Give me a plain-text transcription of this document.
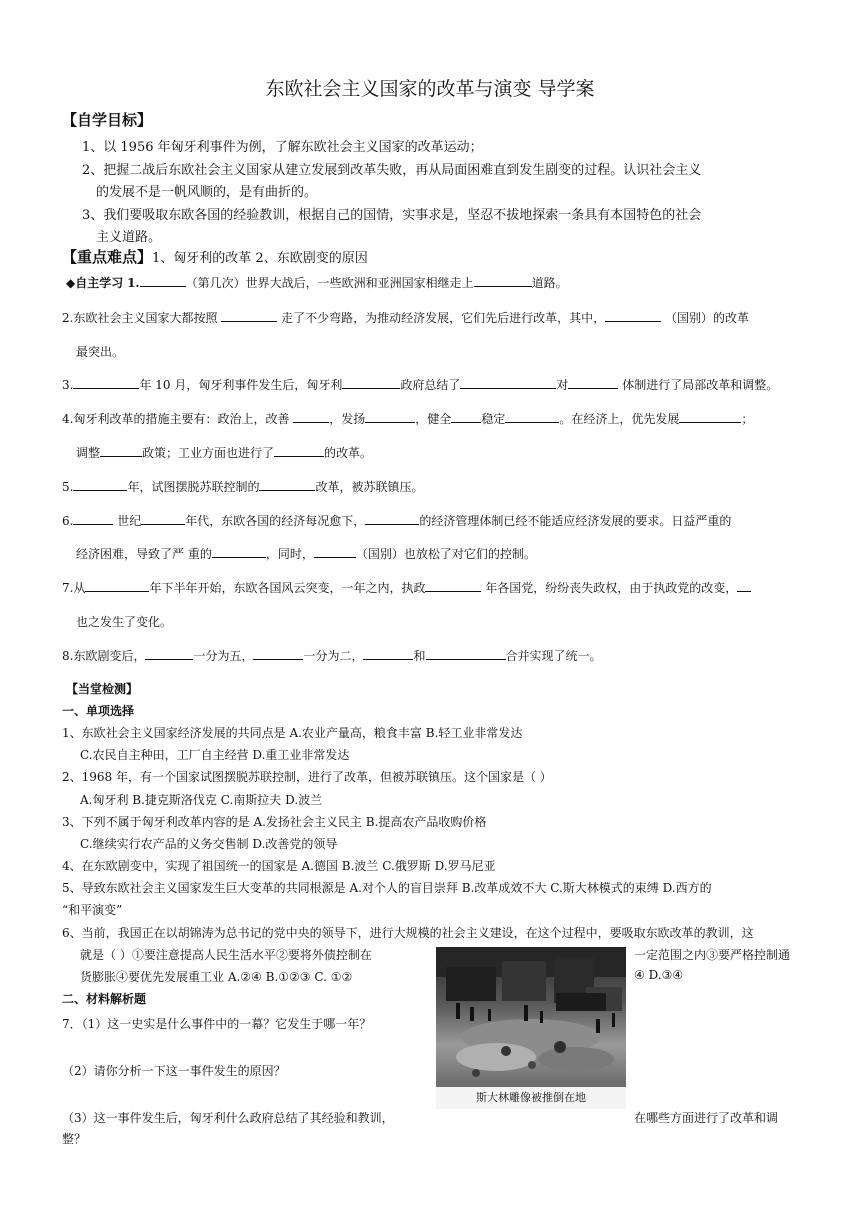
东欧社会主义国家的改革与演变 导学案
【自学目标】
1、以 1956 年匈牙利事件为例，了解东欧社会主义国家的改革运动；
2、把握二战后东欧社会主义国家从建立发展到改革失败，再从局面困难直到发生剧变的过程。认识社会主义
的发展不是一帆风顺的，是有曲折的。
3、我们要吸取东欧各国的经验教训，根据自己的国情，实事求是，坚忍不拔地探索一条具有本国特色的社会
主义道路。
【重点难点】1、匈牙利的改革 2、东欧剧变的原因
◆自主学习 1.	（第几次）世界大战后，一些欧洲和亚洲国家相继走上	道路。
2.东欧社会主义国家大都按照	走了不少弯路，为推动经济发展，它们先后进行改革，其中，	（国别）的改革
最突出。
3.	年 10 月，匈牙利事件发生后，匈牙利	政府总结了	对	体制进行了局部改革和调整。
4.匈牙利改革的措施主要有：政治上，改善	，发扬	，健全	稳定	。在经济上，优先发展	；
调整	政策；工业方面也进行了	的改革。
5.	年，试图摆脱苏联控制的	改革，被苏联镇压。
6.	世纪	年代，东欧各国的经济每况愈下，	的经济管理体制已经不能适应经济发展的要求。日益严重的
经济困难，导致了严 重的	，同时，	（国别）也放松了对它们的控制。
7.从	年下半年开始，东欧各国风云突变，一年之内，执政	年各国党，纷纷丧失政权，由于执政党的改变，
也之发生了变化。
8.东欧剧变后，	一分为五，	一分为二，	和	合并实现了统一。
【当堂检测】
一、单项选择
1、东欧社会主义国家经济发展的共同点是 A.农业产量高，粮食丰富 B.轻工业非常发达
C.农民自主种田，工厂自主经营 D.重工业非常发达
2、1968 年，有一个国家试图摆脱苏联控制，进行了改革，但被苏联镇压。这个国家是（ ）
A.匈牙利 B.捷克斯洛伐克 C.南斯拉夫 D.波兰
3、下列不属于匈牙利改革内容的是 A.发扬社会主义民主 B.提高农产品收购价格
C.继续实行农产品的义务交售制 D.改善党的领导
4、在东欧剧变中，实现了祖国统一的国家是 A.德国 B.波兰 C.俄罗斯 D.罗马尼亚
5、导致东欧社会主义国家发生巨大变革的共同根源是 A.对个人的盲目崇拜 B.改革成效不大 C.斯大林模式的束缚 D.西方的
“和平演变”
6、当前，我国正在以胡锦涛为总书记的党中央的领导下，进行大规模的社会主义建设，在这个过程中，要吸取东欧改革的教训，这
就是（ ）①要注意提高人民生活水平②要将外债控制在	一定范围之内③要严格控制通
货膨胀④要优先发展重工业 A.②④ B.①②③ C. ①②	④ D.③④
二、材料解析题
7．（1）这一史实是什么事件中的一幕？它发生于哪一年？
（2）请你分析一下这一事件发生的原因？
（3）这一事件发生后，匈牙利什么政府总结了其经验和教训，	在哪些方面进行了改革和调
整？
斯大林雕像被推倒在地
